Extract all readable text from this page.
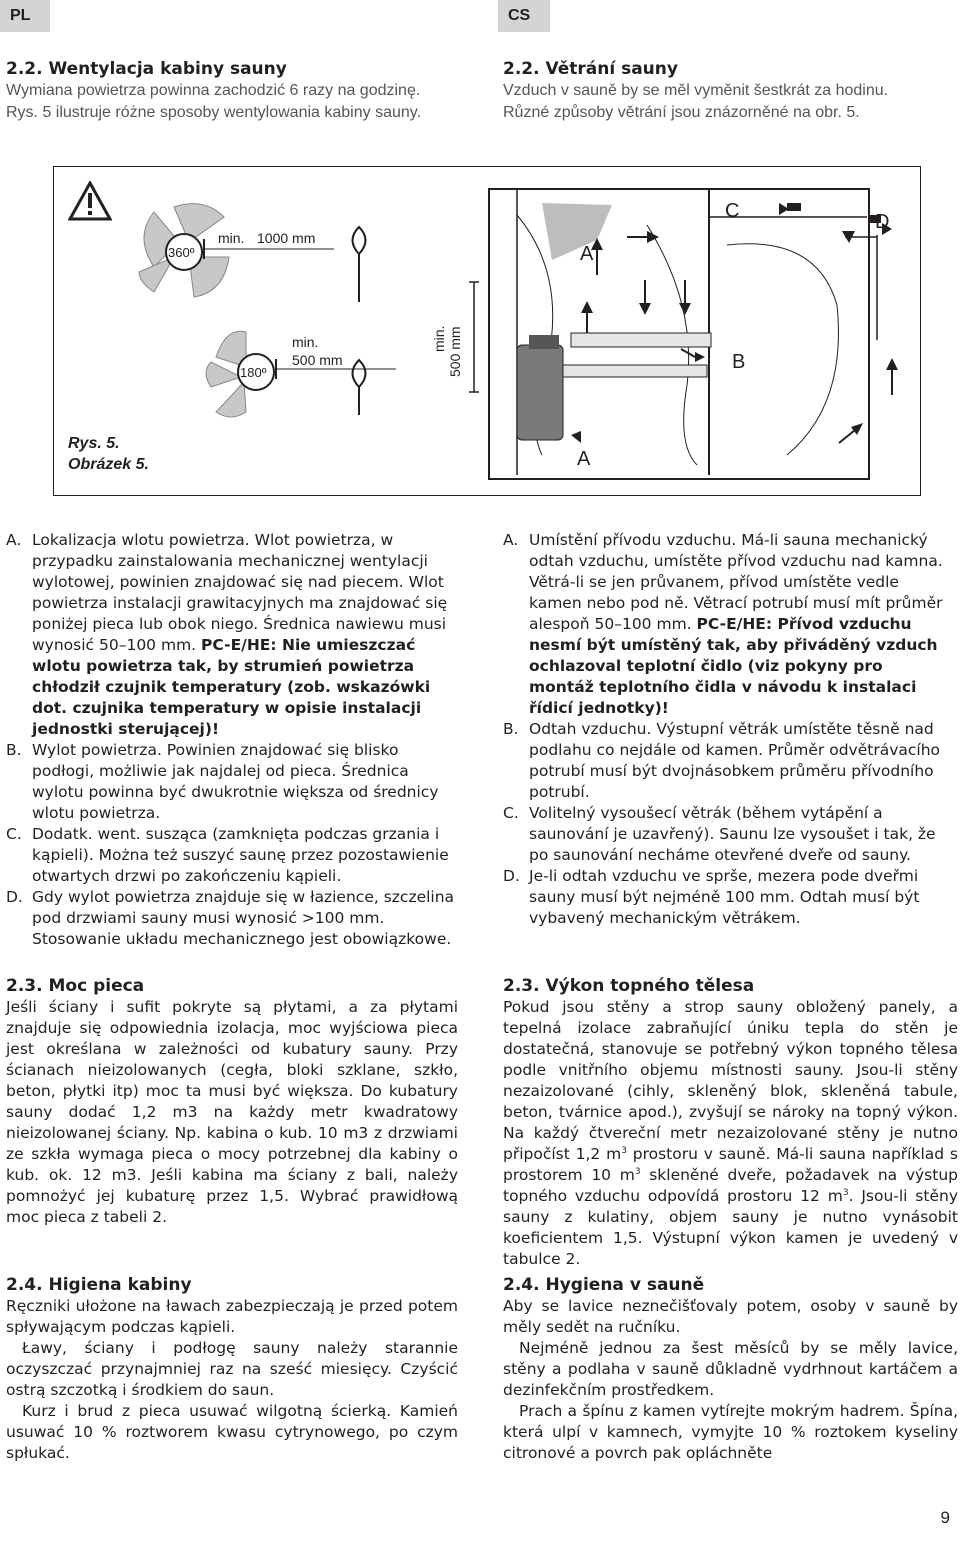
PL	CS
2.2. Wentylacja kabiny sauny
Wymiana powietrza powinna zachodzić 6 razy na godzinę.
Rys. 5 ilustruje różne sposoby wentylowania kabiny sauny.
2.2. Větrání sauny
Vzduch v sauně by se měl vyměnit šestkrát za hodinu.
Různé způsoby větrání jsou znázorněné na obr. 5.
360º
min. 1000 mm
180º
min.
500 mm
min. 500 mm
A
A
B
C	D
Rys. 5.
Obrázek 5.
A. Lokalizacja wlotu powietrza. Wlot powietrza, w przypadku zainstalowania mechanicznej wentylacji wylotowej, powinien znajdować się nad piecem. Wlot powietrza instalacji grawitacyjnych ma znajdować się poniżej pieca lub obok niego. Średnica nawiewu musi wynosić 50–100 mm. PC-E/HE: Nie umieszczać wlotu powietrza tak, by strumień powietrza chłodził czujnik temperatury (zob. wskazówki dot. czujnika temperatury w opisie instalacji jednostki sterującej)!
B. Wylot powietrza. Powinien znajdować się blisko podłogi, możliwie jak najdalej od pieca. Średnica wylotu powinna być dwukrotnie większa od średnicy wlotu powietrza.
C. Dodatk. went. susząca (zamknięta podczas grzania i kąpieli). Można też suszyć saunę przez pozostawienie otwartych drzwi po zakończeniu kąpieli.
D. Gdy wylot powietrza znajduje się w łazience, szczelina pod drzwiami sauny musi wynosić >100 mm. Stosowanie układu mechanicznego jest obowiązkowe.
A. Umístění přívodu vzduchu. Má-li sauna mechanický odtah vzduchu, umístěte přívod vzduchu nad kamna. Větrá-li se jen průvanem, přívod umístěte vedle kamen nebo pod ně. Větrací potrubí musí mít průměr alespoň 50–100 mm. PC-E/HE: Přívod vzduchu nesmí být umístěný tak, aby přiváděný vzduch ochlazoval teplotní čidlo (viz pokyny pro montáž teplotního čidla v návodu k instalaci řídicí jednotky)!
B. Odtah vzduchu. Výstupní větrák umístěte těsně nad podlahu co nejdále od kamen. Průměr odvětrávacího potrubí musí být dvojnásobkem průměru přívodního potrubí.
C. Volitelný vysoušecí větrák (během vytápění a saunování je uzavřený). Saunu lze vysoušet i tak, že po saunování necháme otevřené dveře od sauny.
D. Je-li odtah vzduchu ve sprše, mezera pode dveřmi sauny musí být nejméně 100 mm. Odtah musí být vybavený mechanickým větrákem.
2.3. Moc pieca

Jeśli ściany i sufit pokryte są płytami, a za płytami znajduje się odpowiednia izolacja, moc wyjściowa pieca jest określana w zależności od kubatury sauny. Przy ścianach nieizolowanych (cegła, bloki szklane, szkło, beton, płytki itp) moc ta musi być większa. Do kubatury sauny dodać 1,2 m3 na każdy metr kwadratowy nieizolowanej ściany. Np. kabina o kub. 10 m3 z drzwiami ze szkła wymaga pieca o mocy potrzebnej dla kabiny o kub. ok. 12 m3. Jeśli kabina ma ściany z bali, należy pomnożyć jej kubaturę przez 1,5. Wybrać prawidłową moc pieca z tabeli 2.

2.3. Výkon topného tělesa

Pokud jsou stěny a strop sauny obložený panely, a tepelná izolace zabraňující úniku tepla do stěn je dostatečná, stanovuje se potřebný výkon topného tělesa podle vnitřního objemu místnosti sauny. Jsou-li stěny nezaizolované (cihly, skleněný blok, skleněná tabule, beton, tvárnice apod.), zvyšují se nároky na topný výkon. Na každý čtvereční metr nezaizolované stěny je nutno připočíst 1,2 $m^3$ prostoru v sauně. Má-li sauna například s prostorem 10 $m^3$ skleněné dveře, požadavek na výstup topného vzduchu odpovídá prostoru 12 $m^3$. Jsou-li stěny sauny z kulatiny, objem sauny je nutno vynásobit koeficientem 1,5. Výstupní výkon kamen je uvedený v tabulce 2.

2.4. Higiena kabiny

Ręczniki ułożone na ławach zabezpieczają je przed potem spływającym podczas kąpieli.

Ławy, ściany i podłogę sauny należy starannie oczyszczać przynajmniej raz na sześć miesięcy. Czyścić ostrą szczotką i środkiem do saun.

Kurz i brud z pieca usuwać wilgotną ścierką. Kamień usuwać 10 % roztworem kwasu cytrynowego, po czym spłukać.

2.4. Hygiena v sauně

Aby se lavice neznečišťovaly potem, osoby v sauně by měly sedět na ručníku.

Nejméně jednou za šest měsíců by se měly lavice, stěny a podlaha v sauně důkladně vydrhnout kartáčem a dezinfekčním prostředkem.

Prach a špínu z kamen vytírejte mokrým hadrem. Špína, která ulpí v kamnech, vymyjte 10 % roztokem kyseliny citronové a povrch pak opláchněte

9
